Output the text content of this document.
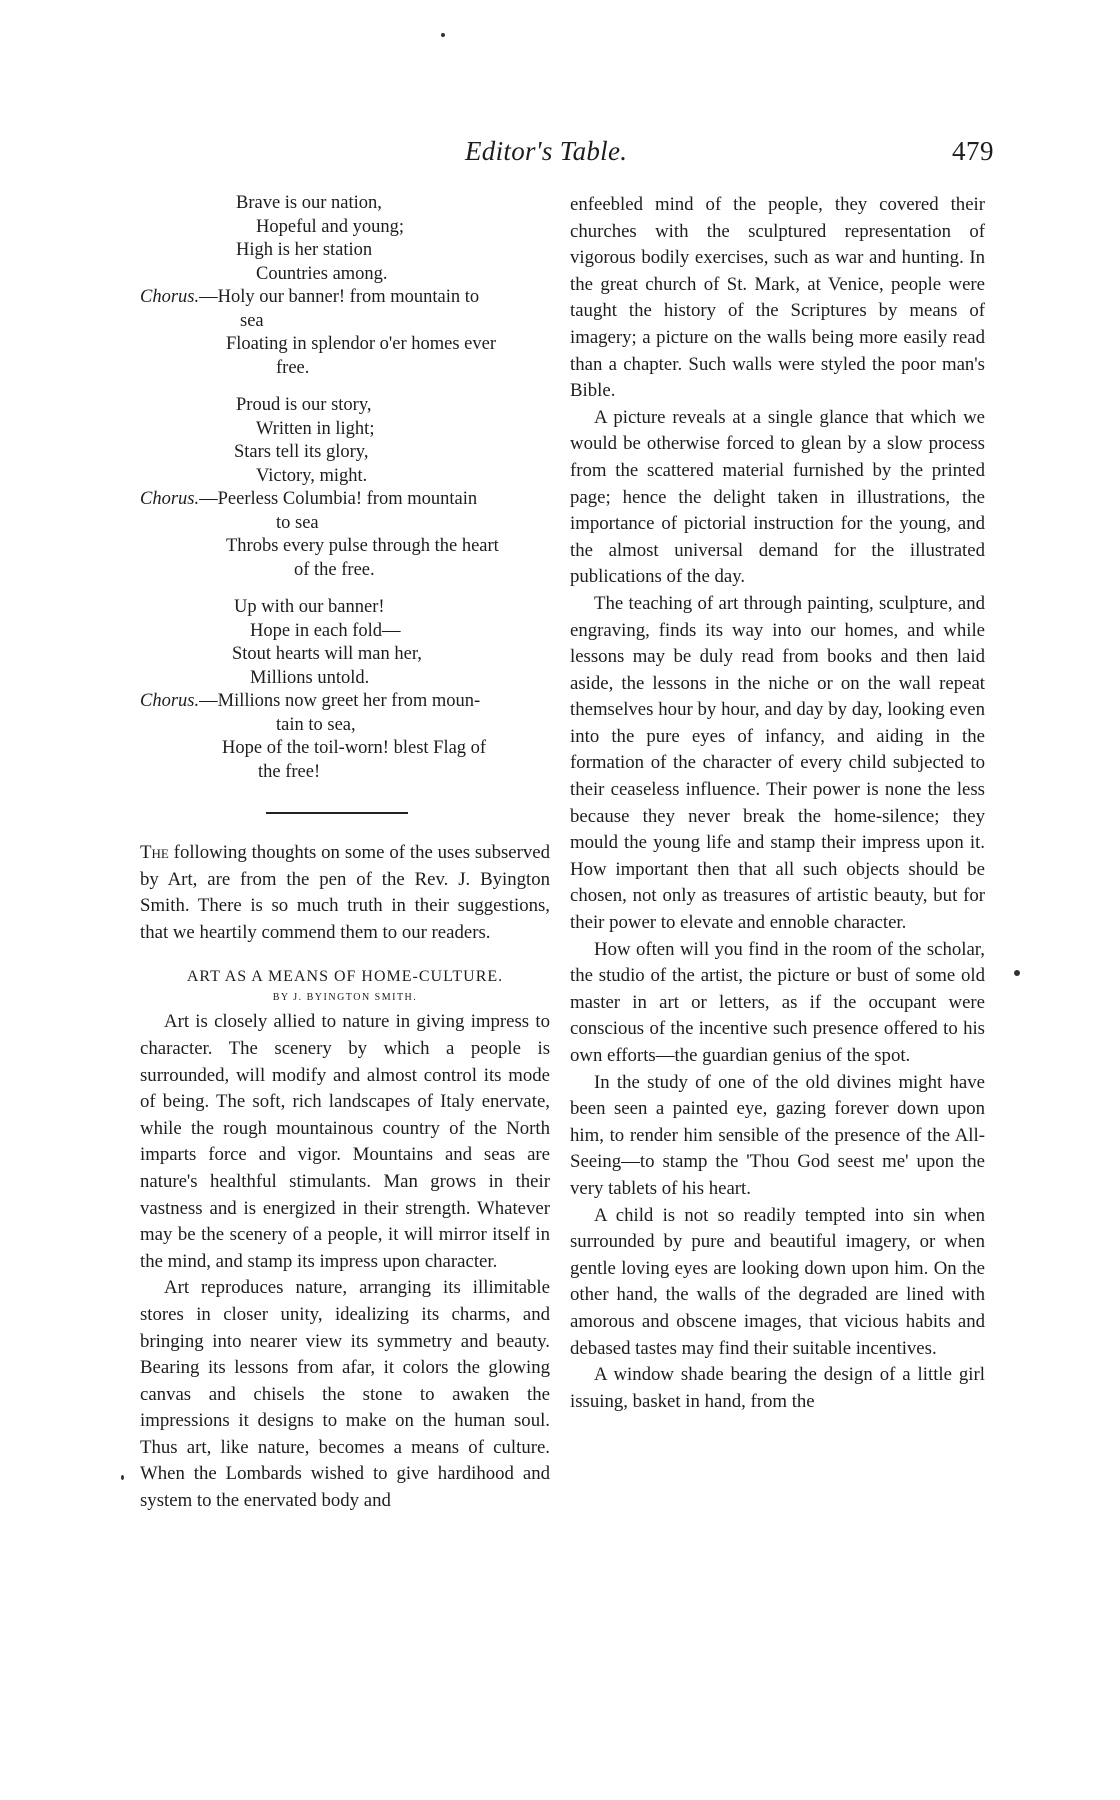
Editor's Table.	479
Brave is our nation,
Hopeful and young;
High is her station
Countries among.
Chorus.—Holy our banner! from mountain to
sea
Floating in splendor o'er homes ever
free.
Proud is our story,
Written in light;
Stars tell its glory,
Victory, might.
Chorus.—Peerless Columbia! from mountain
to sea
Throbs every pulse through the heart
of the free.
Up with our banner!
Hope in each fold—
Stout hearts will man her,
Millions untold.
Chorus.—Millions now greet her from moun-
tain to sea,
Hope of the toil-worn! blest Flag of
the free!

The following thoughts on some of the uses subserved by Art, are from the pen of the Rev. J. Byington Smith. There is so much truth in their suggestions, that we heartily commend them to our readers.

ART AS A MEANS OF HOME-CULTURE.
BY J. BYINGTON SMITH.

Art is closely allied to nature in giving impress to character. The scenery by which a people is surrounded, will modify and almost control its mode of being. The soft, rich landscapes of Italy enervate, while the rough mountainous country of the North imparts force and vigor. Mountains and seas are nature's healthful stimulants. Man grows in their vastness and is energized in their strength. Whatever may be the scenery of a people, it will mirror itself in the mind, and stamp its impress upon character.

Art reproduces nature, arranging its illimitable stores in closer unity, idealizing its charms, and bringing into nearer view its symmetry and beauty. Bearing its lessons from afar, it colors the glowing canvas and chisels the stone to awaken the impressions it designs to make on the human soul. Thus art, like nature, becomes a means of culture. When the Lombards wished to give hardihood and system to the enervated body and

enfeebled mind of the people, they covered their churches with the sculptured representation of vigorous bodily exercises, such as war and hunting. In the great church of St. Mark, at Venice, people were taught the history of the Scriptures by means of imagery; a picture on the walls being more easily read than a chapter. Such walls were styled the poor man's Bible.

A picture reveals at a single glance that which we would be otherwise forced to glean by a slow process from the scattered material furnished by the printed page; hence the delight taken in illustrations, the importance of pictorial instruction for the young, and the almost universal demand for the illustrated publications of the day.

The teaching of art through painting, sculpture, and engraving, finds its way into our homes, and while lessons may be duly read from books and then laid aside, the lessons in the niche or on the wall repeat themselves hour by hour, and day by day, looking even into the pure eyes of infancy, and aiding in the formation of the character of every child subjected to their ceaseless influence. Their power is none the less because they never break the home-silence; they mould the young life and stamp their impress upon it. How important then that all such objects should be chosen, not only as treasures of artistic beauty, but for their power to elevate and ennoble character.

How often will you find in the room of the scholar, the studio of the artist, the picture or bust of some old master in art or letters, as if the occupant were conscious of the incentive such presence offered to his own efforts—the guardian genius of the spot.

In the study of one of the old divines might have been seen a painted eye, gazing forever down upon him, to render him sensible of the presence of the All-Seeing—to stamp the 'Thou God seest me' upon the very tablets of his heart.

A child is not so readily tempted into sin when surrounded by pure and beautiful imagery, or when gentle loving eyes are looking down upon him. On the other hand, the walls of the degraded are lined with amorous and obscene images, that vicious habits and debased tastes may find their suitable incentives.

A window shade bearing the design of a little girl issuing, basket in hand, from the
